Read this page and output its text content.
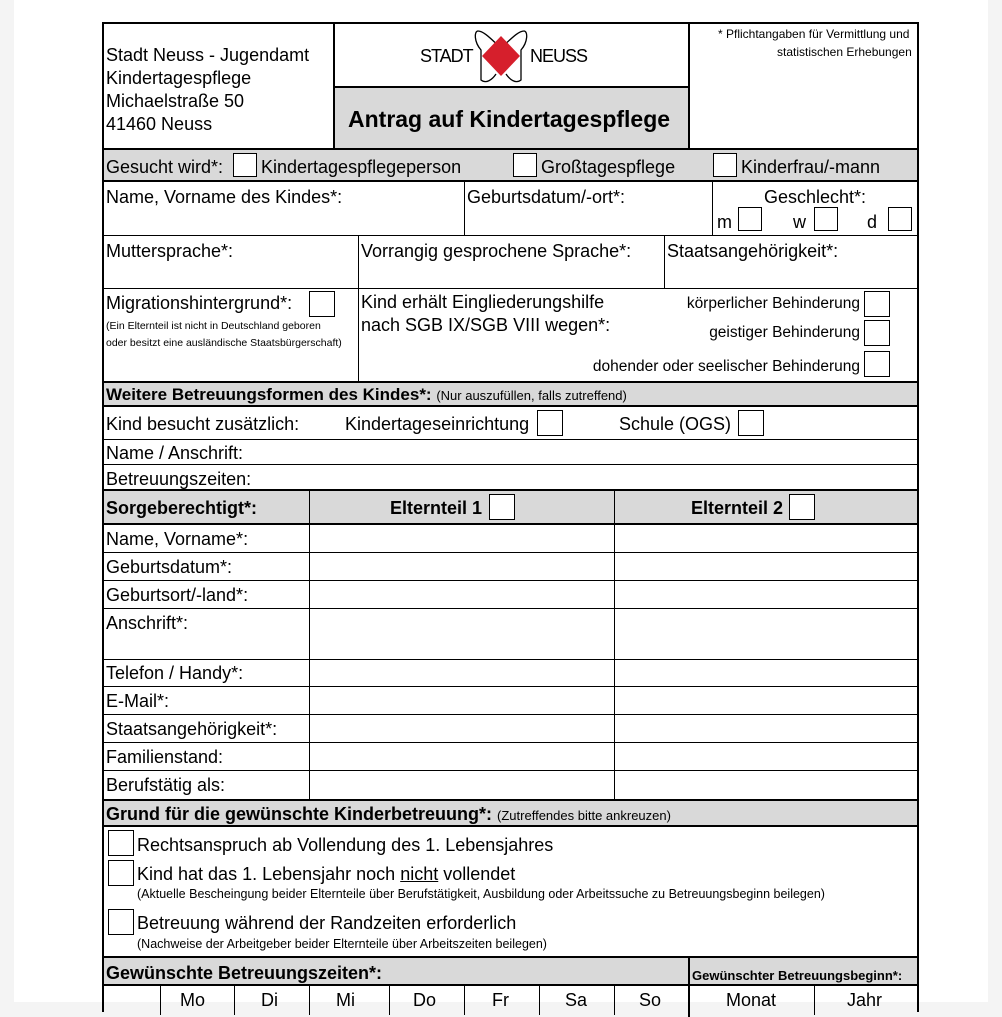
Stadt Neuss - Jugendamt
Kindertagespflege
Michaelstraße 50
41460 Neuss
STADT	NEUSS
Antrag auf Kindertagespflege
* Pflichtangaben für Vermittlung und
statistischen Erhebungen
Gesucht wird*: Kindertagespflegeperson	Großtagespflege	Kinderfrau/-mann
Name, Vorname des Kindes*:	Geburtsdatum/-ort*:	Geschlecht*:
m	w	d
Muttersprache*:	Vorrangig gesprochene Sprache*: Staatsangehörigkeit*:
Migrationshintergrund*:
(Ein Elternteil ist nicht in Deutschland geboren
oder besitzt eine ausländische Staatsbürgerschaft)
Kind erhält Eingliederungshilfe
nach SGB IX/SGB VIII wegen*:
körperlicher Behinderung
geistiger Behinderung
dohender oder seelischer Behinderung
Weitere Betreuungsformen des Kindes*: (Nur auszufüllen, falls zutreffend)
Kind besucht zusätzlich:	Kindertageseinrichtung	Schule (OGS)
Name / Anschrift:
Betreuungszeiten:
Sorgeberechtigt*:	Elternteil 1	Elternteil 2
Name, Vorname*:
Geburtsdatum*:
Geburtsort/-land*:
Anschrift*:
Telefon / Handy*:
E-Mail*:
Staatsangehörigkeit*:
Familienstand:
Berufstätig als:
Grund für die gewünschte Kinderbetreuung*: (Zutreffendes bitte ankreuzen)
Rechtsanspruch ab Vollendung des 1. Lebensjahres
Kind hat das 1. Lebensjahr noch nicht vollendet
(Aktuelle Bescheingung beider Elternteile über Berufstätigkeit, Ausbildung oder Arbeitssuche zu Betreuungsbeginn beilegen)
Betreuung während der Randzeiten erforderlich
(Nachweise der Arbeitgeber beider Elternteile über Arbeitszeiten beilegen)
Gewünschte Betreuungszeiten*:	Gewünschter Betreuungsbeginn*:
Mo	Di	Mi	Do	Fr	Sa	So	Monat	Jahr
